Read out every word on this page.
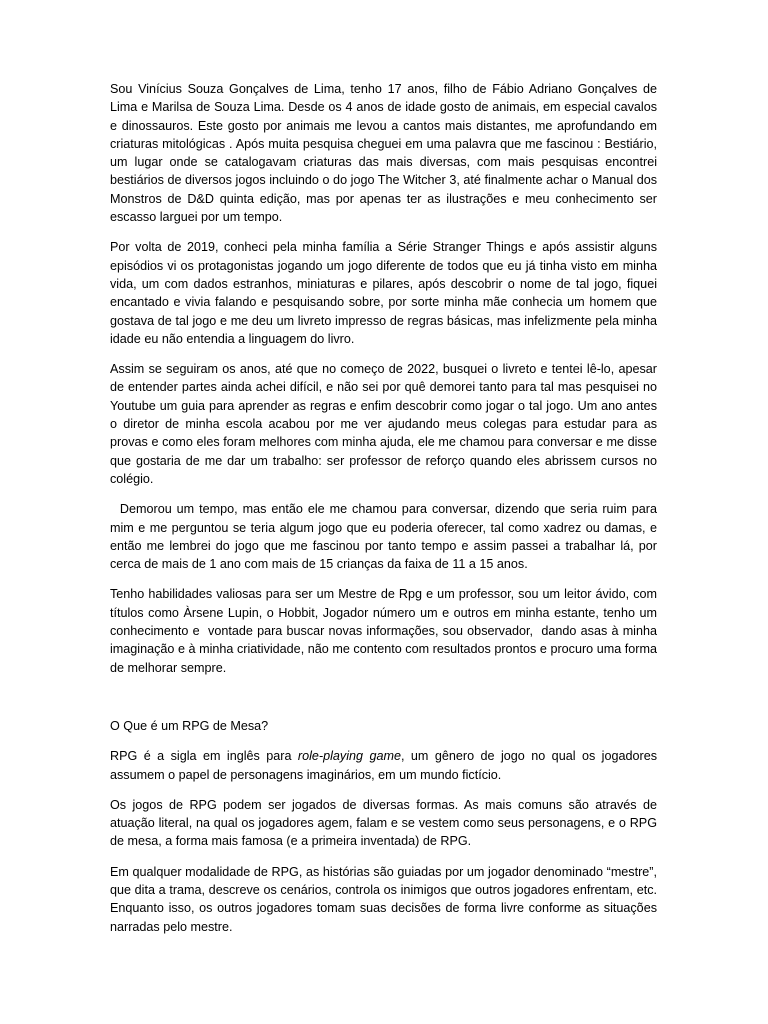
Sou Vinícius Souza Gonçalves de Lima, tenho 17 anos, filho de Fábio Adriano Gonçalves de Lima e Marilsa de Souza Lima. Desde os 4 anos de idade gosto de animais, em especial cavalos e dinossauros. Este gosto por animais me levou a cantos mais distantes, me aprofundando em criaturas mitológicas . Após muita pesquisa cheguei em uma palavra que me fascinou : Bestiário, um lugar onde se catalogavam criaturas das mais diversas, com mais pesquisas encontrei bestiários de diversos jogos incluindo o do jogo The Witcher 3, até finalmente achar o Manual dos Monstros de D&D quinta edição, mas por apenas ter as ilustrações e meu conhecimento ser escasso larguei por um tempo.

Por volta de 2019, conheci pela minha família a Série Stranger Things e após assistir alguns episódios vi os protagonistas jogando um jogo diferente de todos que eu já tinha visto em minha vida, um com dados estranhos, miniaturas e pilares, após descobrir o nome de tal jogo, fiquei encantado e vivia falando e pesquisando sobre, por sorte minha mãe conhecia um homem que gostava de tal jogo e me deu um livreto impresso de regras básicas, mas infelizmente pela minha idade eu não entendia a linguagem do livro.

Assim se seguiram os anos, até que no começo de 2022, busquei o livreto e tentei lê-lo, apesar de entender partes ainda achei difícil, e não sei por quê demorei tanto para tal mas pesquisei no Youtube um guia para aprender as regras e enfim descobrir como jogar o tal jogo. Um ano antes o diretor de minha escola acabou por me ver ajudando meus colegas para estudar para as provas e como eles foram melhores com minha ajuda, ele me chamou para conversar e me disse que gostaria de me dar um trabalho: ser professor de reforço quando eles abrissem cursos no colégio.

Demorou um tempo, mas então ele me chamou para conversar, dizendo que seria ruim para mim e me perguntou se teria algum jogo que eu poderia oferecer, tal como xadrez ou damas, e então me lembrei do jogo que me fascinou por tanto tempo e assim passei a trabalhar lá, por cerca de mais de 1 ano com mais de 15 crianças da faixa de 11 a 15 anos.

Tenho habilidades valiosas para ser um Mestre de Rpg e um professor, sou um leitor ávido, com títulos como Àrsene Lupin, o Hobbit, Jogador número um e outros em minha estante, tenho um conhecimento e  vontade para buscar novas informações, sou observador,  dando asas à minha imaginação e à minha criatividade, não me contento com resultados prontos e procuro uma forma de melhorar sempre.

O Que é um RPG de Mesa?

RPG é a sigla em inglês para role-playing game, um gênero de jogo no qual os jogadores assumem o papel de personagens imaginários, em um mundo fictício.

Os jogos de RPG podem ser jogados de diversas formas. As mais comuns são através de atuação literal, na qual os jogadores agem, falam e se vestem como seus personagens, e o RPG de mesa, a forma mais famosa (e a primeira inventada) de RPG.

Em qualquer modalidade de RPG, as histórias são guiadas por um jogador denominado “mestre”, que dita a trama, descreve os cenários, controla os inimigos que outros jogadores enfrentam, etc. Enquanto isso, os outros jogadores tomam suas decisões de forma livre conforme as situações narradas pelo mestre.
